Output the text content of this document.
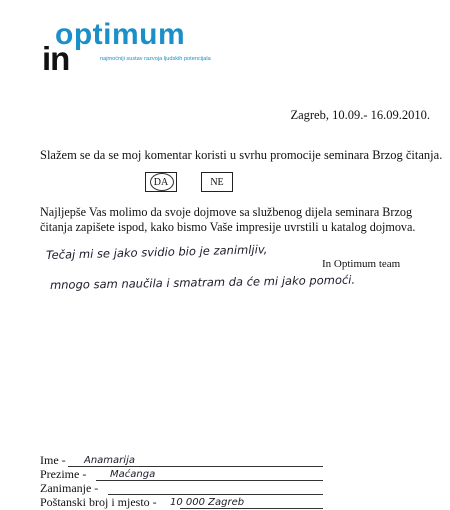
in
optimum
najmoćniji sustav razvoja ljudskih potencijala
Zagreb, 10.09.- 16.09.2010.
Slažem se da se moj komentar koristi u svrhu promocije seminara Brzog čitanja.
DA	NE
Najljepše Vas molimo da svoje dojmove sa službenog dijela seminara Brzog čitanja zapišete ispod, kako bismo Vaše impresije uvrstili u katalog dojmova.
Tečaj mi se jako svidio bio je zanimljiv,
In Optimum team
mnogo sam naučila i smatram da će mi jako pomoći.
Ime - Anamarija
Prezime - Maćanga
Zanimanje -
Poštanski broj i mjesto - 10 000 Zagreb
